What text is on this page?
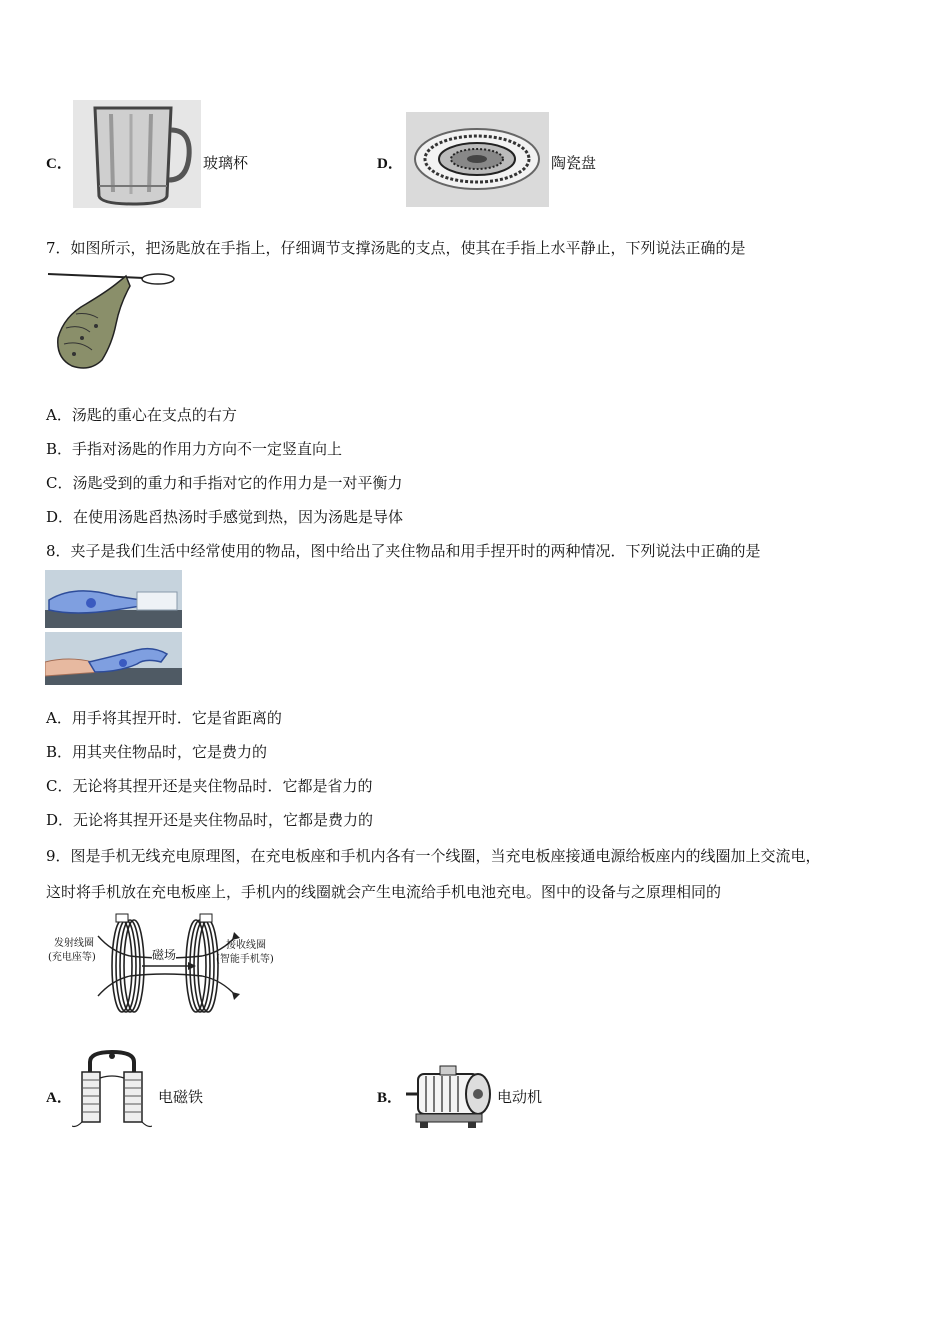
C．	玻璃杯	D．	陶瓷盘
7．如图所示，把汤匙放在手指上，仔细调节支撑汤匙的支点，使其在手指上水平静止，下列说法正确的是
A．汤匙的重心在支点的右方
B．手指对汤匙的作用力方向不一定竖直向上
C．汤匙受到的重力和手指对它的作用力是一对平衡力
D．在使用汤匙舀热汤时手感觉到热，因为汤匙是导体
8．夹子是我们生活中经常使用的物品，图中给出了夹住物品和用手捏开时的两种情况．下列说法中正确的是
A．用手将其捏开时．它是省距离的
B．用其夹住物品时，它是费力的
C．无论将其捏开还是夹住物品时．它都是省力的
D．无论将其捏开还是夹住物品时，它都是费力的
9．图是手机无线充电原理图，在充电板座和手机内各有一个线圈，当充电板座接通电源给板座内的线圈加上交流电，
这时将手机放在充电板座上，手机内的线圈就会产生电流给手机电池充电。图中的设备与之原理相同的
发射线圈
(充电座等)	磁场
接收线圈
(智能手机等)
A．	电磁铁	B．	电动机
